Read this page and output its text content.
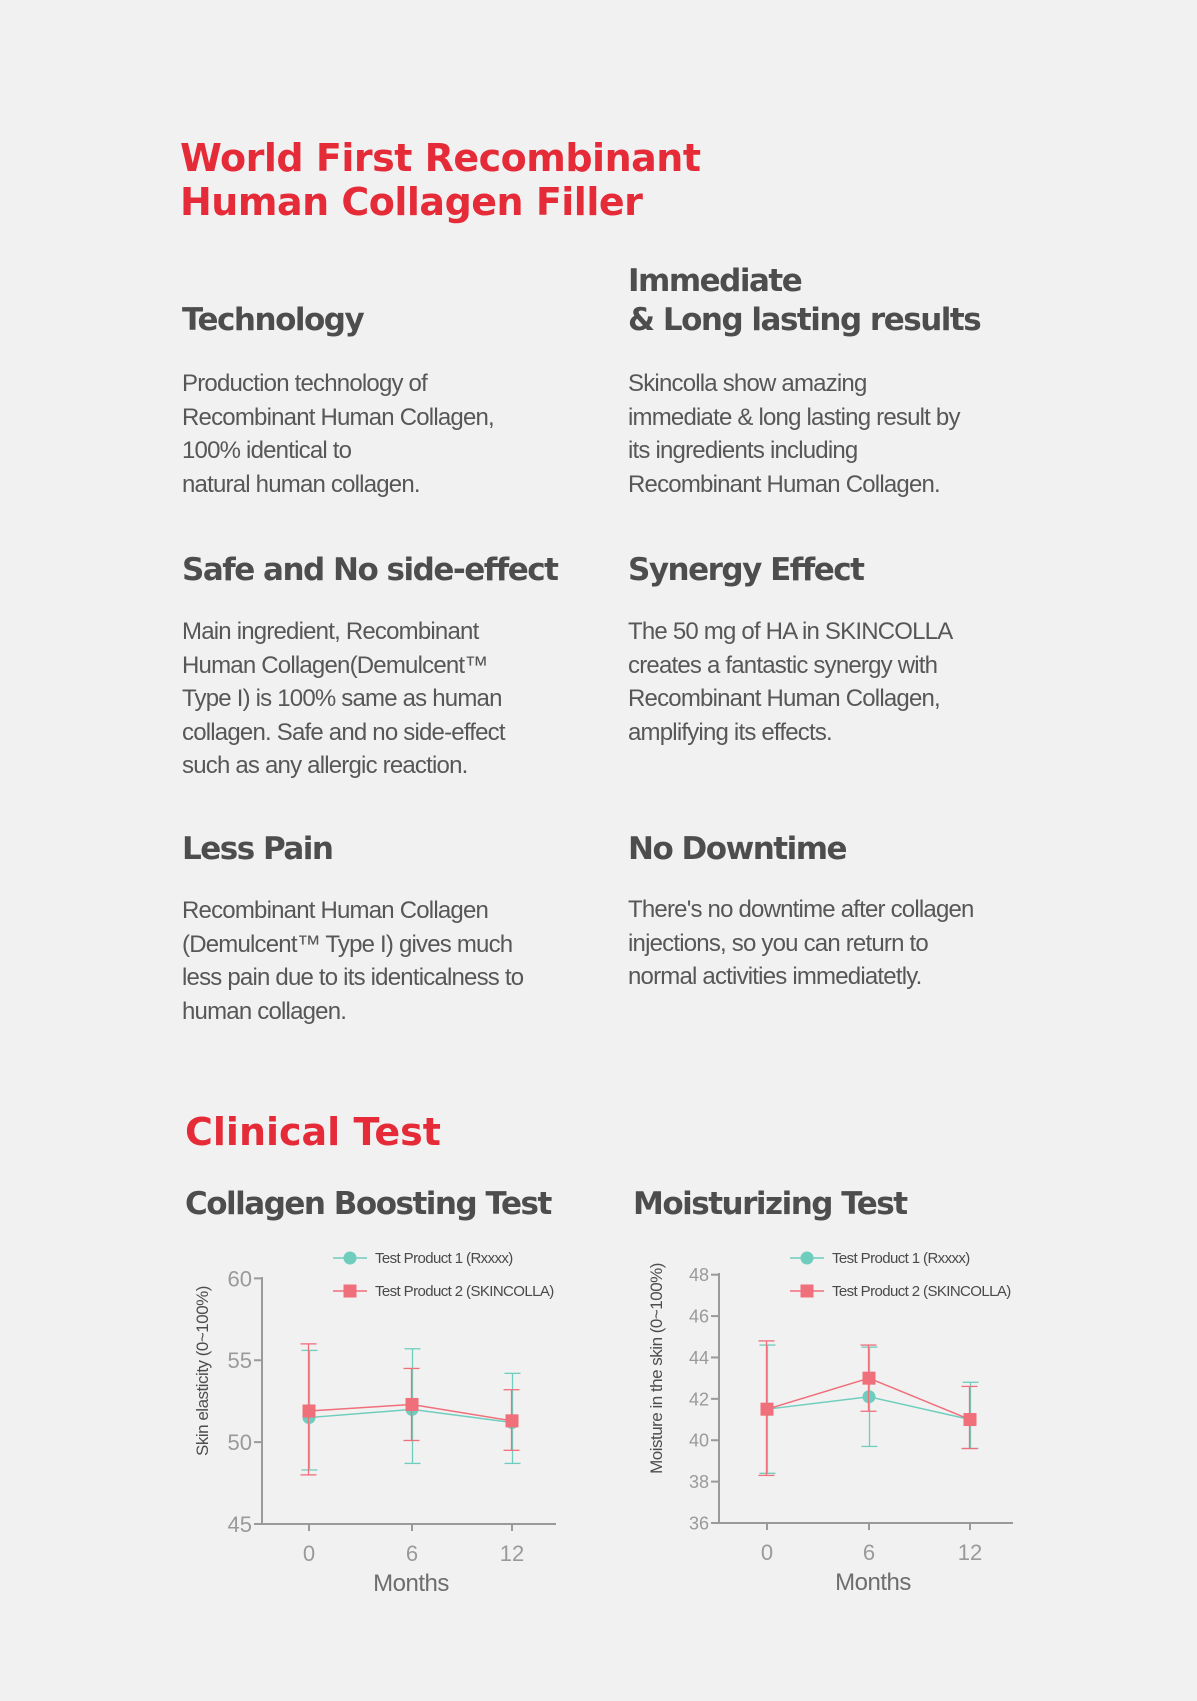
World First Recombinant
Human Collagen Filler
Technology

Production technology of
Recombinant Human Collagen,
100% identical to
natural human collagen.

Immediate
& Long lasting results

Skincolla show amazing
immediate & long lasting result by
its ingredients including
Recombinant Human Collagen.

Safe and No side-effect

Main ingredient, Recombinant
Human Collagen(Demulcent™
Type I) is 100% same as human
collagen. Safe and no side-effect
such as any allergic reaction.

Synergy Effect

The 50 mg of HA in SKINCOLLA
creates a fantastic synergy with
Recombinant Human Collagen,
amplifying its effects.

Less Pain

Recombinant Human Collagen
(Demulcent™ Type I) gives much
less pain due to its identicalness to
human collagen.

No Downtime

There's no downtime after collagen
injections, so you can return to
normal activities immediatetly.

Clinical Test
Collagen Boosting Test	Moisturizing Test
45
50
55
60
0	6	12
Months
Skin elasticity (0~100%)
Test Product 1 (Rxxxx)
Test Product 2 (SKINCOLLA)
36
38
40
42
44
46
48
0	6	12
Months
Moisture in the skin (0~100%)
Test Product 1 (Rxxxx)
Test Product 2 (SKINCOLLA)
